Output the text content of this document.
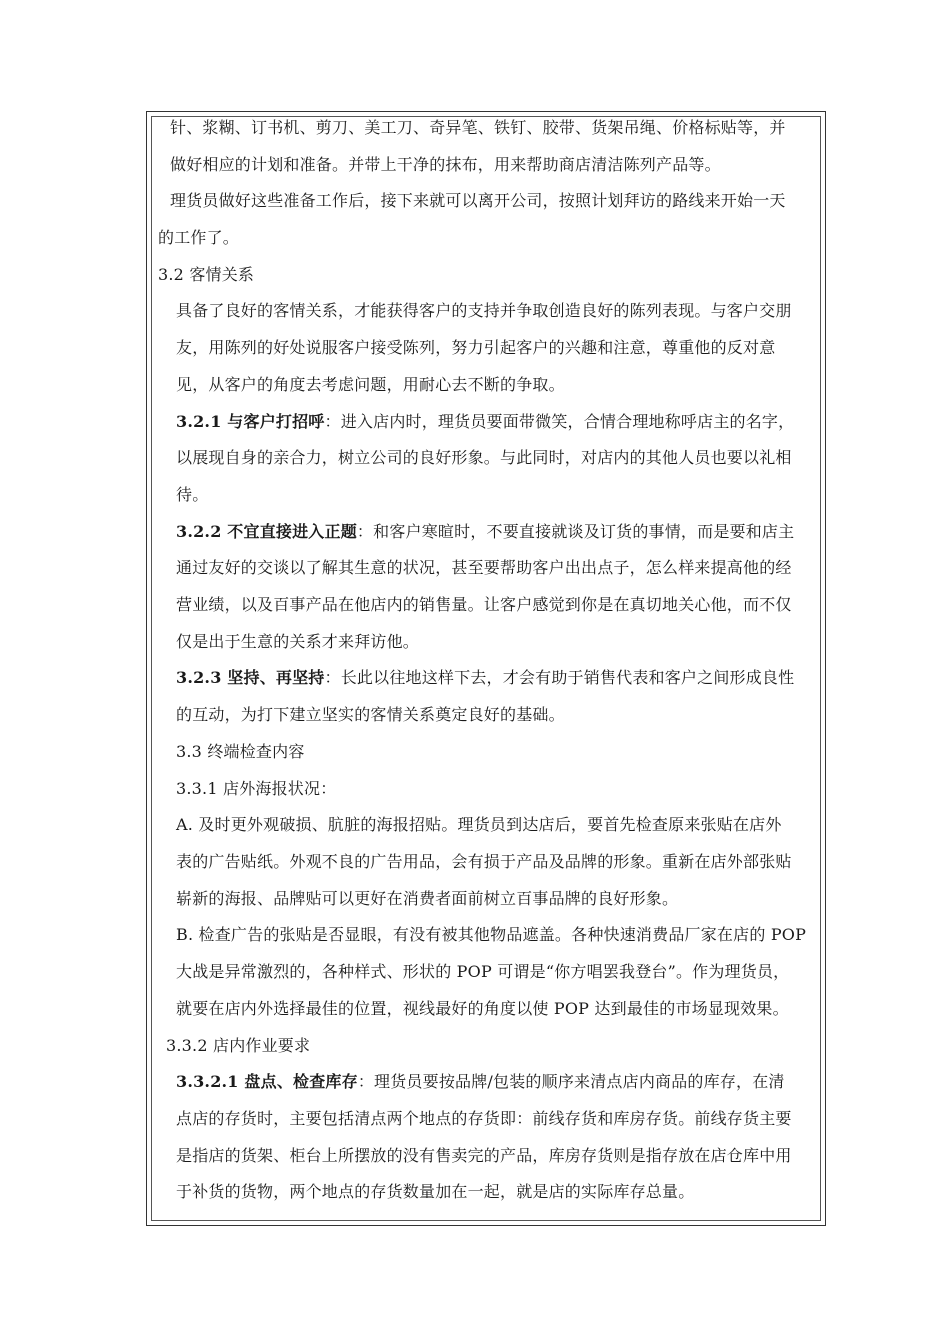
针、浆糊、订书机、剪刀、美工刀、奇异笔、铁钉、胶带、货架吊绳、价格标贴等，并
做好相应的计划和准备。并带上干净的抹布，用来帮助商店清洁陈列产品等。
理货员做好这些准备工作后，接下来就可以离开公司，按照计划拜访的路线来开始一天
的工作了。
3.2 客情关系
具备了良好的客情关系，才能获得客户的支持并争取创造良好的陈列表现。与客户交朋
友，用陈列的好处说服客户接受陈列，努力引起客户的兴趣和注意，尊重他的反对意
见，从客户的角度去考虑问题，用耐心去不断的争取。
3.2.1 与客户打招呼：进入店内时，理货员要面带微笑，合情合理地称呼店主的名字，
以展现自身的亲合力，树立公司的良好形象。与此同时，对店内的其他人员也要以礼相
待。
3.2.2 不宜直接进入正题：和客户寒暄时，不要直接就谈及订货的事情，而是要和店主
通过友好的交谈以了解其生意的状况，甚至要帮助客户出出点子，怎么样来提高他的经
营业绩，以及百事产品在他店内的销售量。让客户感觉到你是在真切地关心他，而不仅
仅是出于生意的关系才来拜访他。
3.2.3 坚持、再坚持：长此以往地这样下去，才会有助于销售代表和客户之间形成良性
的互动，为打下建立坚实的客情关系奠定良好的基础。
3.3 终端检查内容
3.3.1 店外海报状况：
A. 及时更外观破损、肮脏的海报招贴。理货员到达店后，要首先检查原来张贴在店外
表的广告贴纸。外观不良的广告用品，会有损于产品及品牌的形象。重新在店外部张贴
崭新的海报、品牌贴可以更好在消费者面前树立百事品牌的良好形象。
B. 检查广告的张贴是否显眼，有没有被其他物品遮盖。各种快速消费品厂家在店的 POP
大战是异常激烈的，各种样式、形状的 POP 可谓是“你方唱罢我登台”。作为理货员，
就要在店内外选择最佳的位置，视线最好的角度以使 POP 达到最佳的市场显现效果。
3.3.2 店内作业要求
3.3.2.1 盘点、检查库存：理货员要按品牌/包装的顺序来清点店内商品的库存，在清
点店的存货时，主要包括清点两个地点的存货即：前线存货和库房存货。前线存货主要
是指店的货架、柜台上所摆放的没有售卖完的产品，库房存货则是指存放在店仓库中用
于补货的货物，两个地点的存货数量加在一起，就是店的实际库存总量。
